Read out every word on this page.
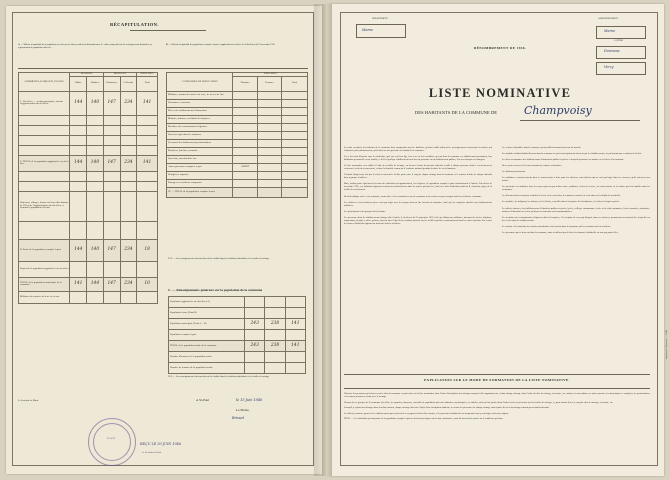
RÉCAPITULATION.
A. — Tableau récapitulatif de la population recensée par les faits essentiels du dénombrement. Le cadre comprend tous les renseignements demandés, au regroupement de population observée.
B. — Tableau récapitulatif des populations comptées à part en application des articles 4 et 8 du décret du 23 novembre 1935.
COMMUNES, HAMEAUX, ÉCARTS	MAISONS		MÉNAGES		INDIVIDUS
	Bâties	Habitées	Ordinaires	Collectifs	Total
1° Chef-lieu, — section principale, suivant l'agglomération du chef-lieu	144	140	147	234	141

2° TOTAL de la population agglomérée au chef-lieu	144	140	147	234	141

Hameaux, villages, fermes ou lieux-dits distants de 200 m de l'agglomération du chef-lieu, et formant la population d'écarts					

B. Partie de la population comptée à part	144	140	147	234	18
Report de la population agglomérée au chef-lieu					
TOTAL de la population municipale de la commune	141	144	147	234	10
Militaires des armées de terre et de mer					
CATÉGORIES DE POPULATION	INDIVIDUS		
	Hommes	Femmes	Total
Militaires, marins des armées de terre, de mer et de l'air			
Prisonniers et internés			
Élèves des établissements d'instruction			
Malades, infirmes, vieillards des hospices			
Membres des communautés religieuses			
Ouvriers logés dans les chantiers			
Personnel des établissements pénitentiaires			
Mariniers, bateliers, nomades			
Sans abri, sans domicile fixe			
Autres personnes comptées à part	néant		
Réfugiés et rapatriés			
Étrangers en résidence temporaire			
IV. — TOTAL de la population comptée à part			
N. B. — Les renseignements ci-dessus doivent être établis d'après les bulletins individuels et les feuilles de ménage.
C. — Renseignements généraux sur la population de la commune
Population agglomérée au chef-lieu (A)			
Population écarts (Total B)			
Population municipale (Total A + B)	243	238	141
Population comptée à part			
TOTAL de la population totale de la commune	243	238	141
Nombre d'hommes de la population totale			
Nombre de femmes de la population totale			
N. B. — Les renseignements ci-dessus doivent être établis d'après les bulletins individuels et les feuilles de ménage.
A St-Paul	le 15 Juin 1946
Le Maire,
Brisset
Le Secrétaire de Mairie
MAIRIE
REÇU LE 30 JUIN 1946
Le Secrétaire Général
DÉPARTEMENT
Marne
ARRONDISSEMENT
Marne
CANTON
Dormans
Verzy
DÉNOMBREMENT DE 1946.
LISTE NOMINATIVE
DES HABITANTS DE LA COMMUNE DE	Champvoisy

Les faits essentiels des bulletins de la commune dont comprendre tous les bulletins, qu'ordre établi suffisent les renseignements concernant les articles qui s'obtient le plus ordinairement, qu'ils aient ou non présenté un résultat de la commune.

Il y a lieu first d'inscrire tous les individus, quel que soit leur âge, leur sexe ou leur condition, qui ont dans la commune ou établissement permanent, leur habitation personnelle ou de famille, et d'elle à quelque établissement ou à tous sa personne ou un établissement publics, à la sens français ou étrangers.

La liste nominative sera établie à l'aide des feuilles de ménage, est dressée à dater du premier individu, feuille à chaque personne dont le recensement est conforme à celui du recensement, et donc la domicile connu sur le territoire national pendant la durée de sa réclamation.

Il faudra élargir toute fois que les faits ou suivent le la liste porte entre le rang de chaque ménage dans la commune et le numéro d'ordre de chaque individu dans sa propre résidence.

Mais, faudra porter également les noms des individus qui appartiennent, les religieux, de population comptée à part conformément à l'article 4 du décret de novembre 1935, ces individus figureront seulement conformément dans les ordres spéciaux tel, toutes les faits d'individus (tableau B, deuxième page) de la feuille de recensement.

On doit indiquer sur le even sommaire, noms rôles et les coordonnées son de commune à son retour ou ayant compris sauf leur résidence commune.

Les officiers et sous-officiers qui ne sont pas logés avec les troupes doivent être inscrits au sommaire, ainsi que les employés attachés aux établissements militaires.

Les pensionnaires des groupes d'un locataire.

Les personnes dont les établissements charges dites l'article 4, du décret du 23 septembre 1935, telle que bâtiments, militaires, internats des lycées, hôpitaux, sanatoriums, hospices, asiles, prisons, doivent faire l'objet d'une notation spéciale sur les feuilles spéciales conformément dans les ordres spéciaux tels, toutes les formes d'individus figurant au fascicule dans la résidence.

Les centres d'invalides dans la commune qui travaillent nommément sont ici inscrits.

Les malades résidant habituellement dans la commune et qui seront également observés par les établissements, ne présentant pas eu maison de la liste.

Les divers sommaires des établissements d'instruction publics et privés et lesquels personnes ou aisance ou les lieux à la commune.

On ne peut recenser ici les sans monnaient, sommes volontaires.

Les tableaux permanents.

Les militaires et marins inscrits dans le casernements à leurs pour les officiers, sous-officiers qui ne sont pas logés dans les casernes, qu'ils soient ou non mariés.

Les personnes ou militaires dans les corps ayant un par même cause, auditions, écoles de réserve, au conservatoire de la culture par leur familles dans les communes.

Les détenus dont les maisons centrales de force ou de correction, les maisons centrales de correction et les dépôts de mendicité.

Les malades, les indigents, les infirmes et les aliénés, recueillis dans les hospices de bienfaisance, les asiles et hospices privés.

Les aliénés internes, des établissements d'éducation publics et privés, lycées, collèges communaux, écoles et de cultes primaires, écoles normales, séminaires, maisons d'éducation ou écoles préféraux ou internats sont communautaires.

Les membres des communautés religieuses dans les hospices, à l'exception de ceux qui dirigent, dans ces derniers, permanents ou assurent être lesquelles ou des écoles dans les établissements.

Les marins et les matelots des marines marchandes sont inscrits dans la commune qu'ils reconnaissent leur résidence.

Les personnes qui se trouvent dans la commune, mais ni utilisent pas la liste des chaussées habituelle ou non pas parmi elles.

EXPLICATION SUR LE MODE DE FORMATION DE LA LISTE NOMINATIVE.

Chacune des personnes qui sont recensées dans la commune est présentée sur la liste nominative dans l'ordre d'inscription des ménages auxquels elles appartiennent, et dans chaque ménage, dans l'ordre du chef de ménage, sa femme, ses enfants, ses ascendants, ses autres parents, les domestiques et employés, les pensionnaires et les autres personnes vivant avec le ménage.

Chacun de ces groupes de la commune (chef-lieu, les quartiers, hameaux, ensemble de population qui sont ordinaires ou principales, ou établies, doivent être portées dans l'ordre où ils se présentent sur les feuilles de ménage, et, pour chacun d'eux, le rang du chef de ménage, sa femme, etc.

Lorsqu'il y a plusieurs ménages dans la même maison, chaque ménage doit faire l'objet d'une inscription distincte; les noms des personnes de chaque ménage sont séparés de ceux du ménage suivant par un trait horizontal.

Les hôtels, pensions, garnis et les établissements qui reçoivent des voyageurs doivent être inscrits, et les personnes habituelles ou temporaires qui y sont logées doivent y figurer.

NOTA. — Les individus qui font partie de la population comptée à part ne doivent pas figurer sur la liste nominative, mais ils doivent être portés sur les tableaux spéciaux.

Imprimerie Nationale — 1946
